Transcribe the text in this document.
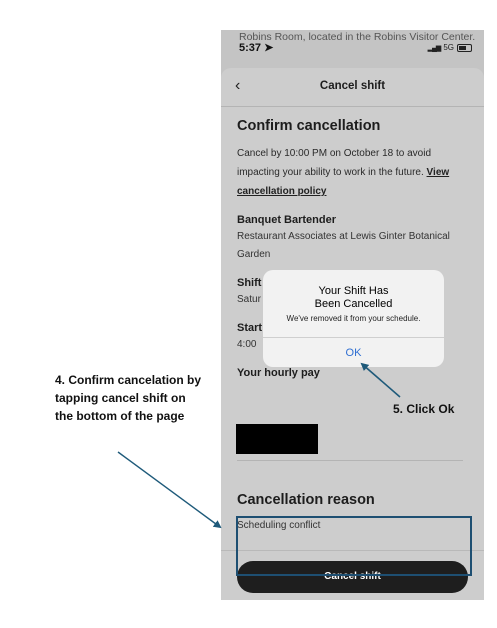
Robins Room, located in the Robins Visitor Center.
5:37 ➤	▂▄▆ 5G
‹	Cancel shift
Confirm cancellation
Cancel by 10:00 PM on October 18 to avoid impacting your ability to work in the future. View cancellation policy
Banquet Bartender
Restaurant Associates at Lewis Ginter Botanical Garden
Shift
Satur
Start
4:00
Your hourly pay
Cancellation reason
Scheduling conflict
Cancel shift
Your Shift Has
Been Cancelled
We've removed it from your schedule.
OK
4. Confirm cancelation by tapping cancel shift on the bottom of the page	5. Click Ok
